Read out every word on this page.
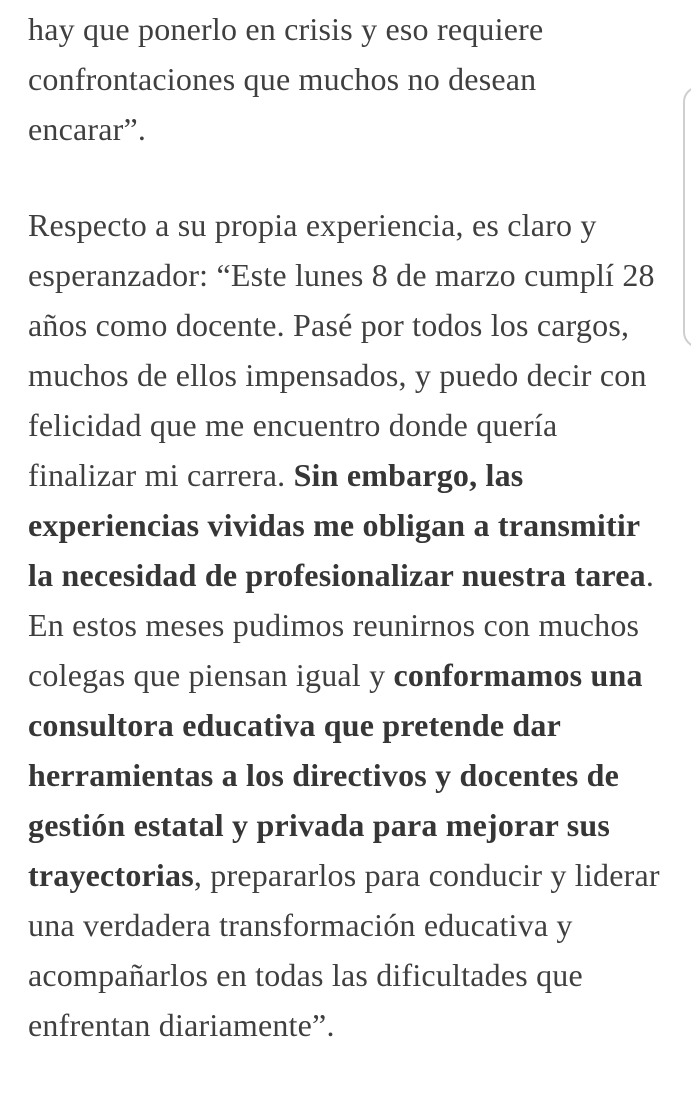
hay que ponerlo en crisis y eso requiere confrontaciones que muchos no desean encarar”.

Respecto a su propia experiencia, es claro y esperanzador: “Este lunes 8 de marzo cumplí 28 años como docente. Pasé por todos los cargos, muchos de ellos impensados, y puedo decir con felicidad que me encuentro donde quería finalizar mi carrera. Sin embargo, las experiencias vividas me obligan a transmitir la necesidad de profesionalizar nuestra tarea. En estos meses pudimos reunirnos con muchos colegas que piensan igual y conformamos una consultora educativa que pretende dar herramientas a los directivos y docentes de gestión estatal y privada para mejorar sus trayectorias, prepararlos para conducir y liderar una verdadera transformación educativa y acompañarlos en todas las dificultades que enfrentan diariamente”.
